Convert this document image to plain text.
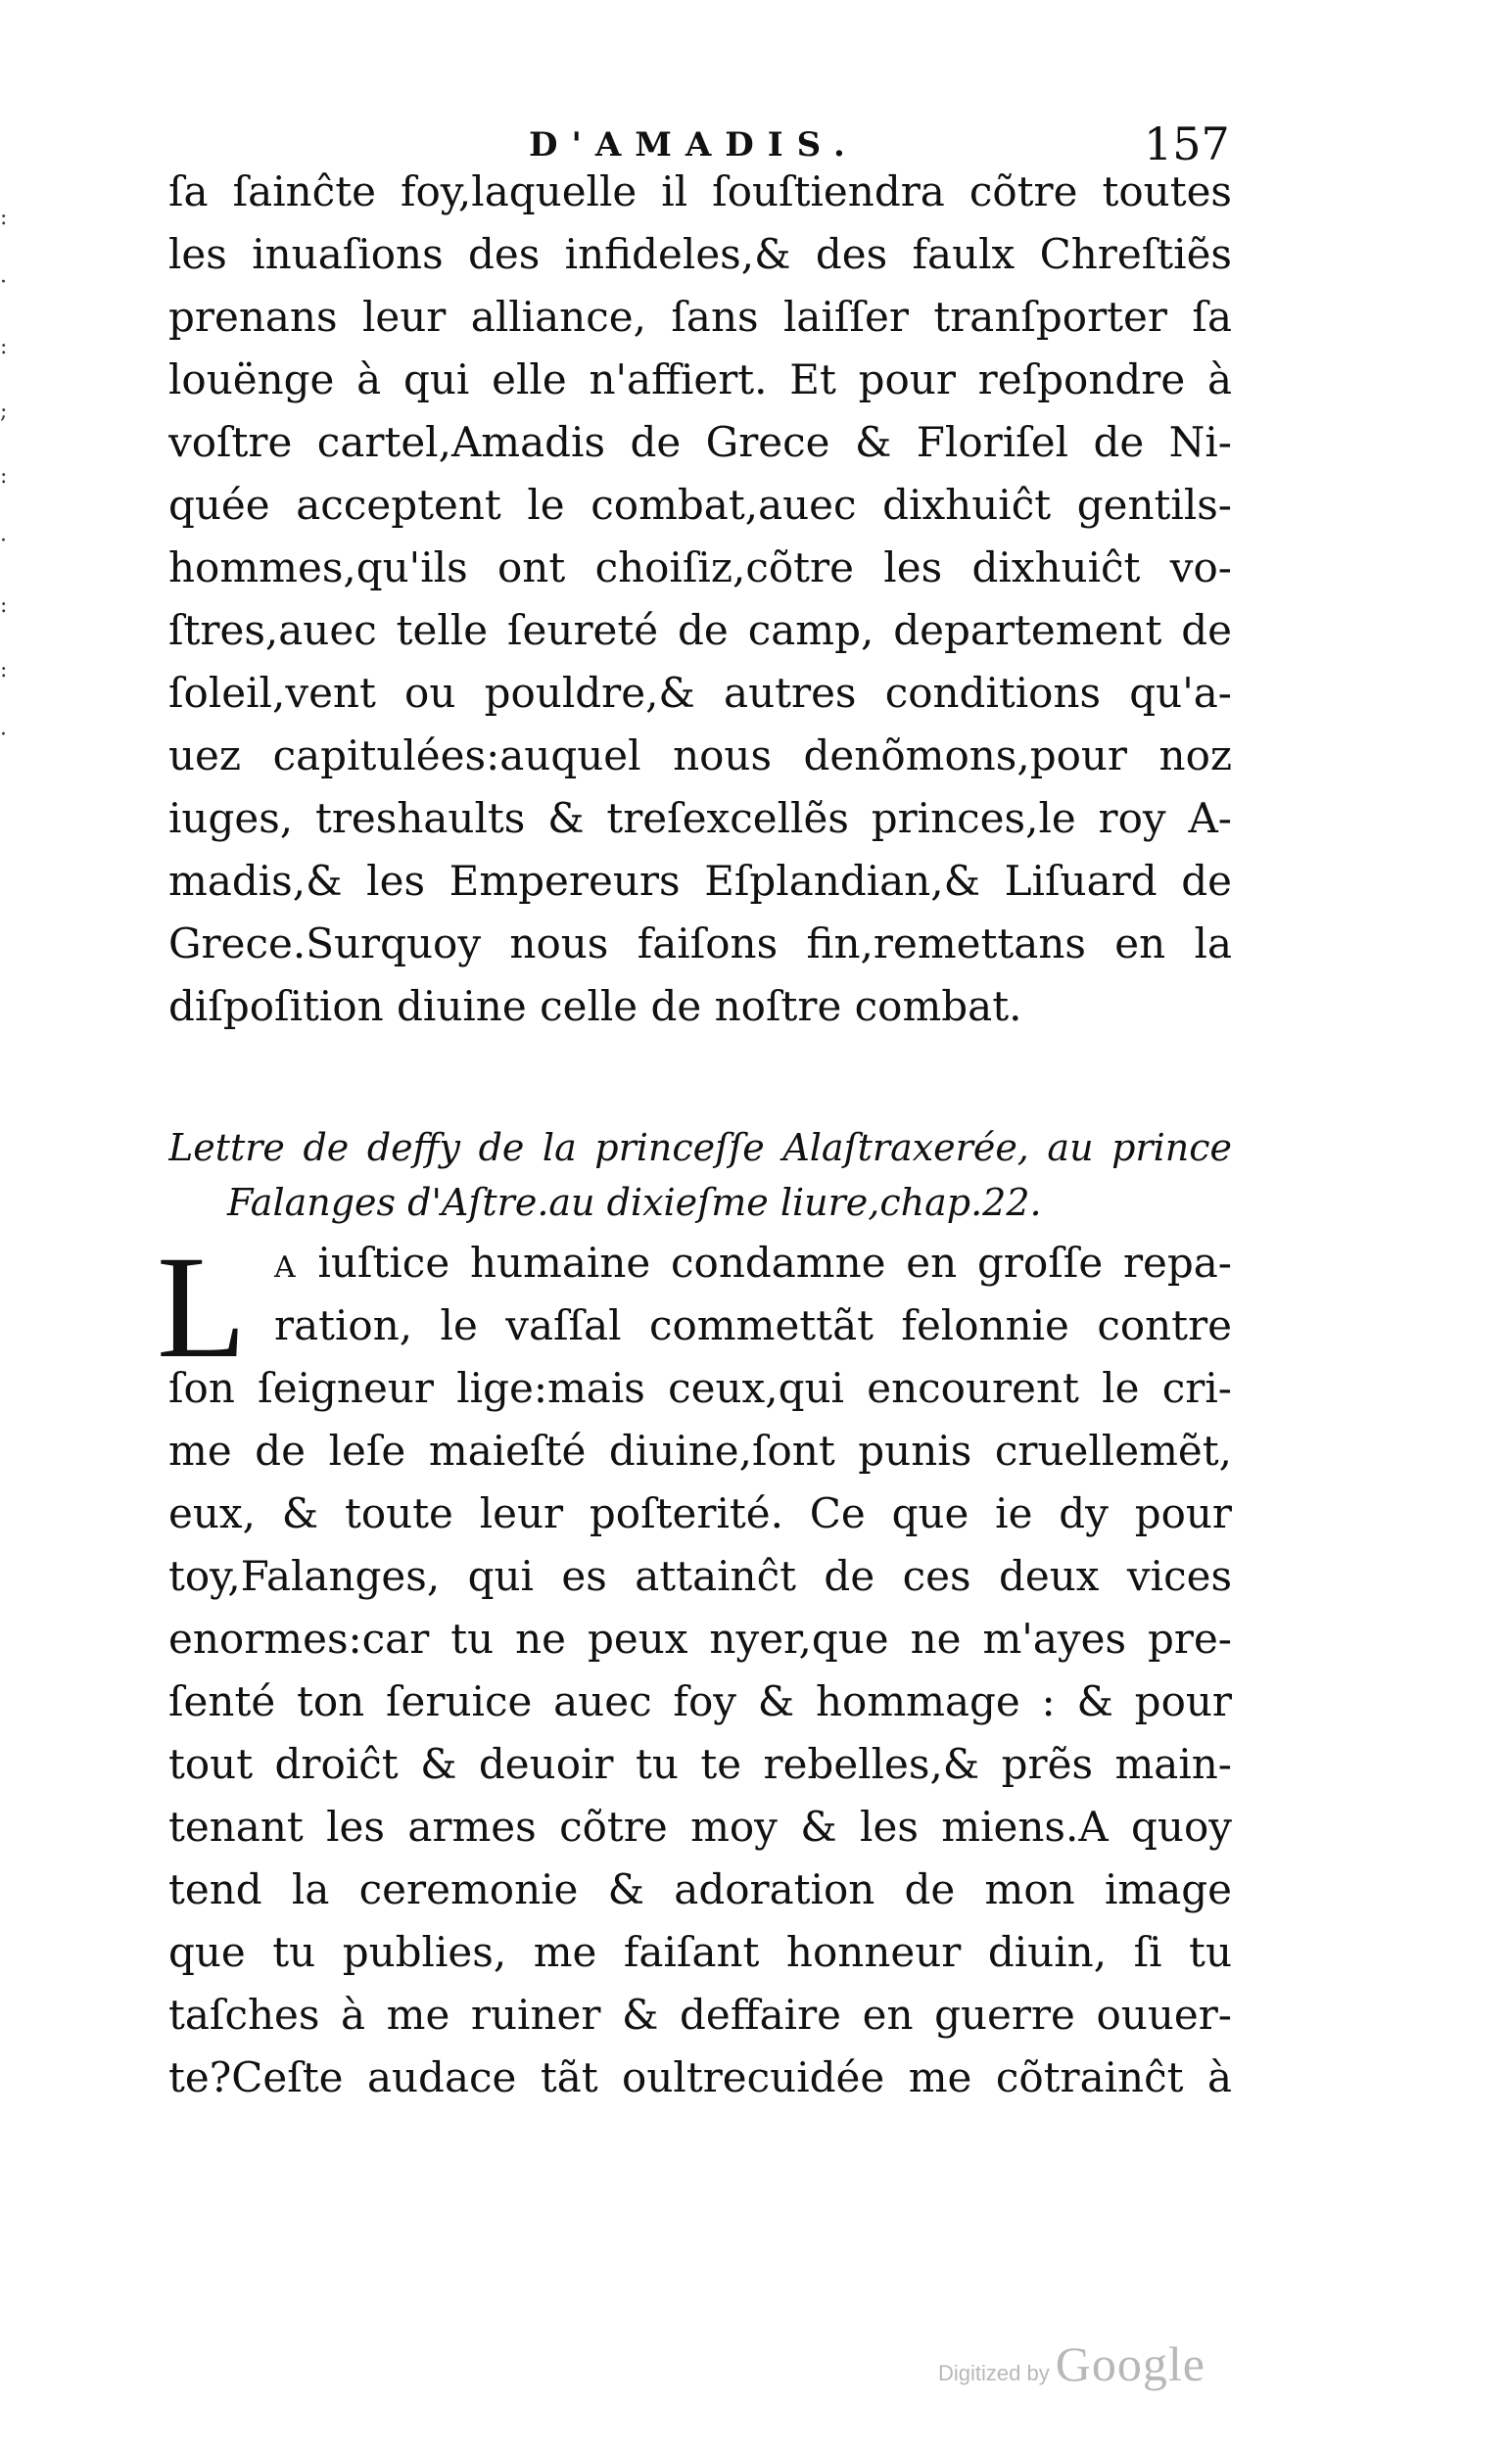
D'AMADIS.	157
:
·
:
;
:
·
:
:
·
ſa ſainĉte foy,laquelle il ſouſtiendra cõtre toutes
les inuaſions des infideles,& des faulx Chreſtiẽs
prenans leur alliance, ſans laiſſer tranſporter ſa
louënge à qui elle n'affiert. Et pour reſpondre à
voſtre cartel,Amadis de Grece & Floriſel de Ni-
quée acceptent le combat,auec dixhuiĉt gentils-
hommes,qu'ils ont choiſiz,cõtre les dixhuiĉt vo-
ſtres,auec telle ſeureté de camp, departement de
ſoleil,vent ou pouldre,& autres conditions qu'a-
uez capitulées:auquel nous denõmons,pour noz
iuges, treshaults & treſexcellẽs princes,le roy A-
madis,& les Empereurs Eſplandian,& Liſuard de
Grece.Surquoy nous faiſons fin,remettans en la
diſpoſition diuine celle de noſtre combat.
Lettre de deffy de la princeſſe Alaſtraxerée, au prince
Falanges d'Aſtre.au dixieſme liure,chap.22.
L A iuſtice humaine condamne en groſſe repa-
ration, le vaſſal commettãt felonnie contre
ſon ſeigneur lige:mais ceux,qui encourent le cri-
me de leſe maieſté diuine,ſont punis cruellemẽt,
eux, & toute leur poſterité. Ce que ie dy pour
toy,Falanges, qui es attainĉt de ces deux vices
enormes:car tu ne peux nyer,que ne m'ayes pre-
ſenté ton ſeruice auec foy & hommage : & pour
tout droiĉt & deuoir tu te rebelles,& prẽs main-
tenant les armes cõtre moy & les miens.A quoy
tend la ceremonie & adoration de mon image
que tu publies, me faiſant honneur diuin, ſi tu
taſches à me ruiner & deffaire en guerre ouuer-
te?Ceſte audace tãt oultrecuidée me cõtrainĉt à
Digitized by Google
